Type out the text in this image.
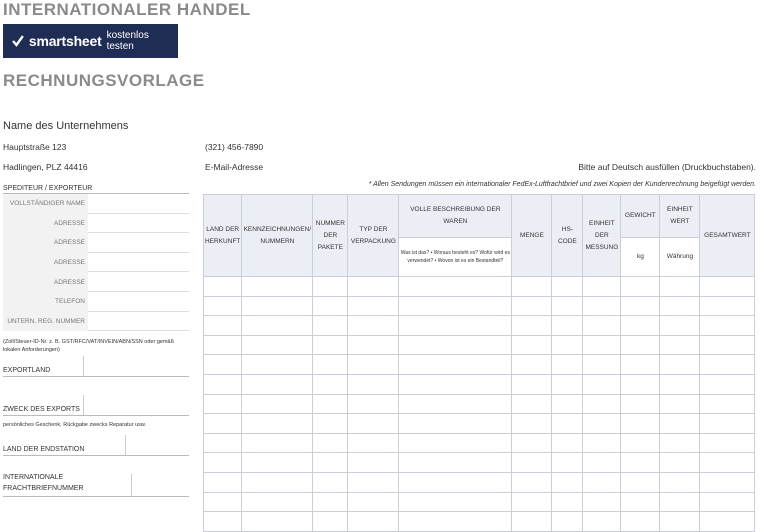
INTERNATIONALER HANDEL
smartsheet kostenlos testen
RECHNUNGSVORLAGE
Name des Unternehmens
Hauptstraße 123
Hadlingen, PLZ 44416
(321) 456-7890
E-Mail-Adresse	Bitte auf Deutsch ausfüllen (Druckbuchstaben).
* Allen Sendungen müssen ein internationaler FedEx-Luftfrachtbrief und zwei Kopien der Kundenrechnung beigefügt werden.
SPEDITEUR / EXPORTEUR
VOLLSTÄNDIGER NAME
ADRESSE
ADRESSE
ADRESSE
ADRESSE
TELEFON
UNTERN. REG. NUMMER
(Zoll/Steuer-ID-Nr. z. B. GST/RFC/VAT/INVEIN/ABN/SSN oder gemäß lokalen Anforderungen)
EXPORTLAND
ZWECK DES EXPORTS
persönliches Geschenk, Rückgabe zwecks Reparatur usw.
LAND DER ENDSTATION
INTERNATIONALE FRACHTBRIEFNUMMER
LAND DER HERKUNFT	KENNZEICHNUNGEN/ NUMMERN	NUMMER DER PAKETE	TYP DER VERPACKUNG	VOLLE BESCHREIBUNG DER WAREN	MENGE	HS-CODE	EINHEIT DER MESSUNG	GEWICHT	EINHEIT WERT	GESAMTWERT
				Was ist das? • Woraus besteht es? Wofür wird es verwendet? • Wovon ist es ein Bestandteil?				kg	Währung	
